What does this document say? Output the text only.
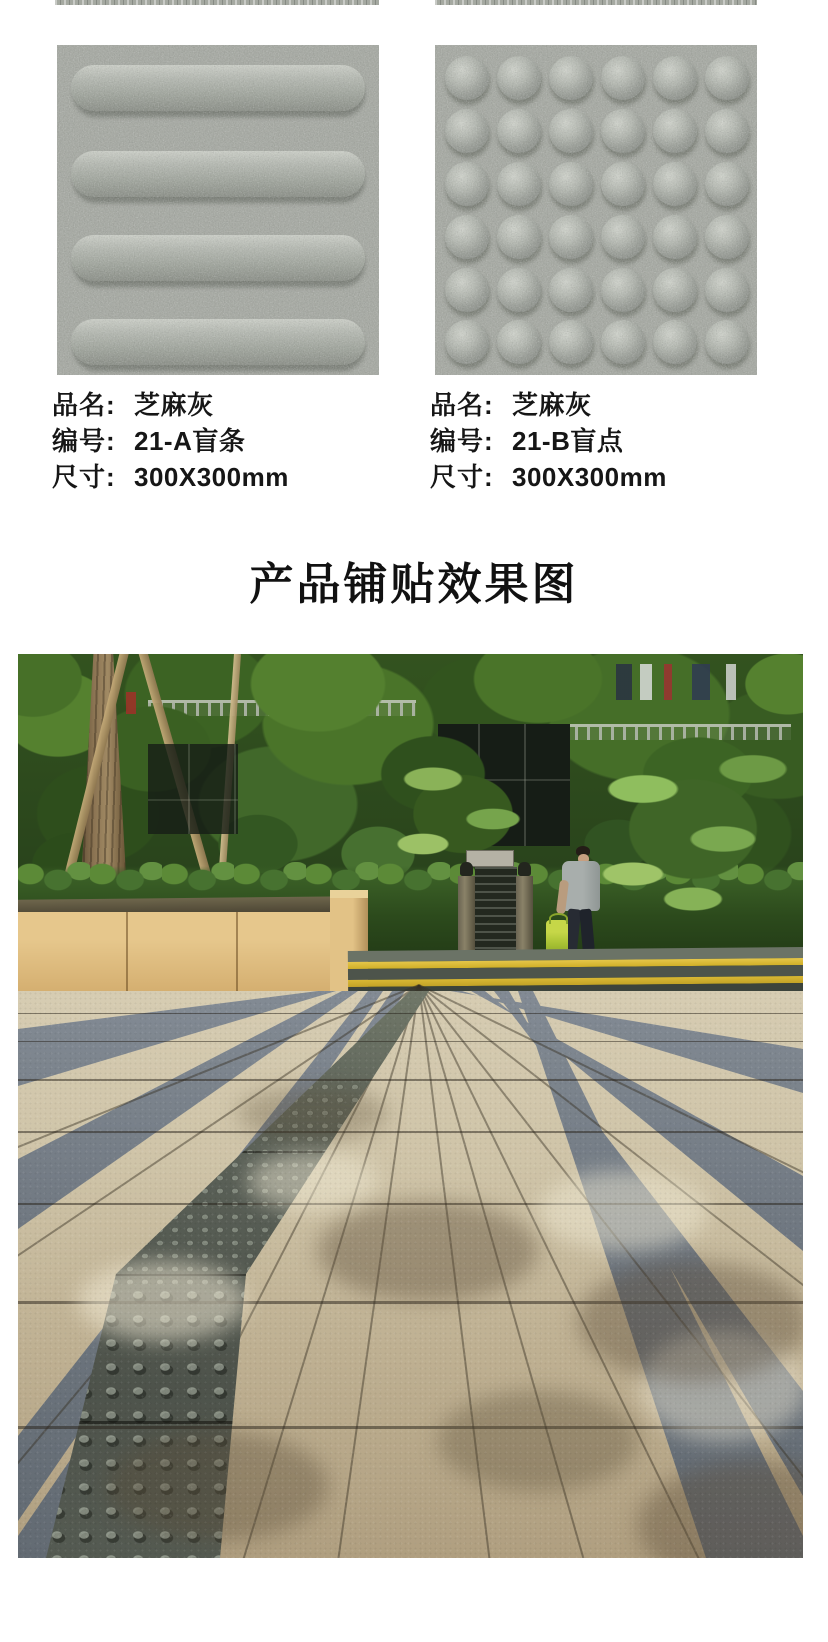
品名: 芝麻灰
编号: 21-A盲条
尺寸: 300X300mm
品名: 芝麻灰
编号: 21-B盲点
尺寸: 300X300mm
产品铺贴效果图
